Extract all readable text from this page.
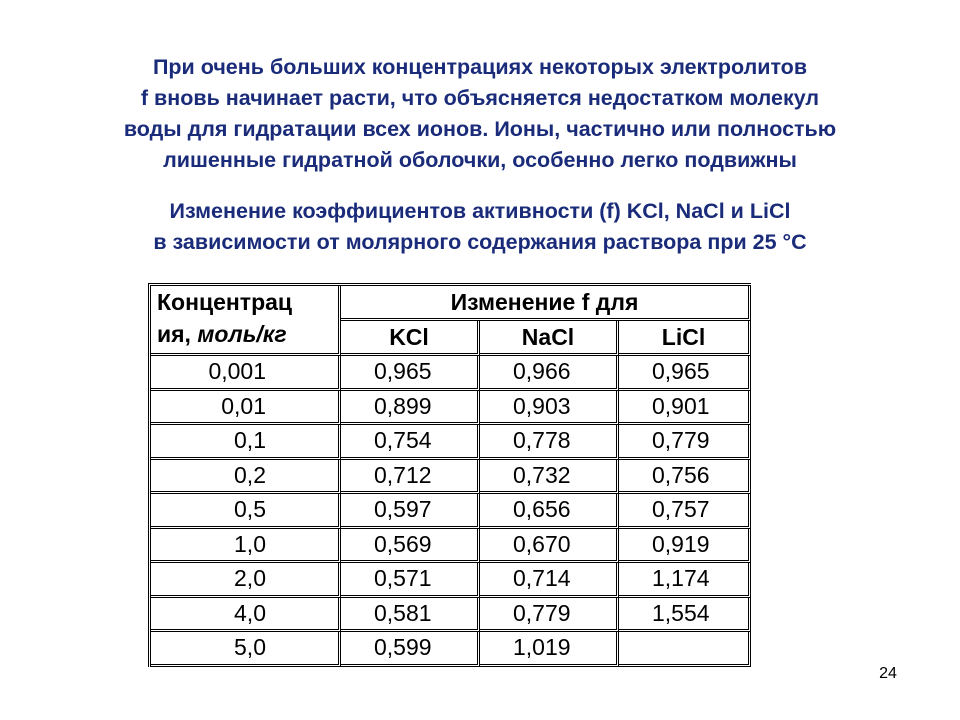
При очень больших концентрациях некоторых электролитов
f вновь начинает расти, что объясняется недостатком молекул
воды для гидратации всех ионов. Ионы, частично или полностью
лишенные гидратной оболочки, особенно легко подвижны
Изменение коэффициентов активности (f) KCl, NaCl и LiCl
в зависимости от молярного содержания раствора при 25 °С
Концентрац
ия, моль/кг	Изменение f для		
	KCl	NaCl	LiCl
0,001	0,965	0,966	0,965
0,01	0,899	0,903	0,901
0,1	0,754	0,778	0,779
0,2	0,712	0,732	0,756
0,5	0,597	0,656	0,757
1,0	0,569	0,670	0,919
2,0	0,571	0,714	1,174
4,0	0,581	0,779	1,554
5,0	0,599	1,019	
24
